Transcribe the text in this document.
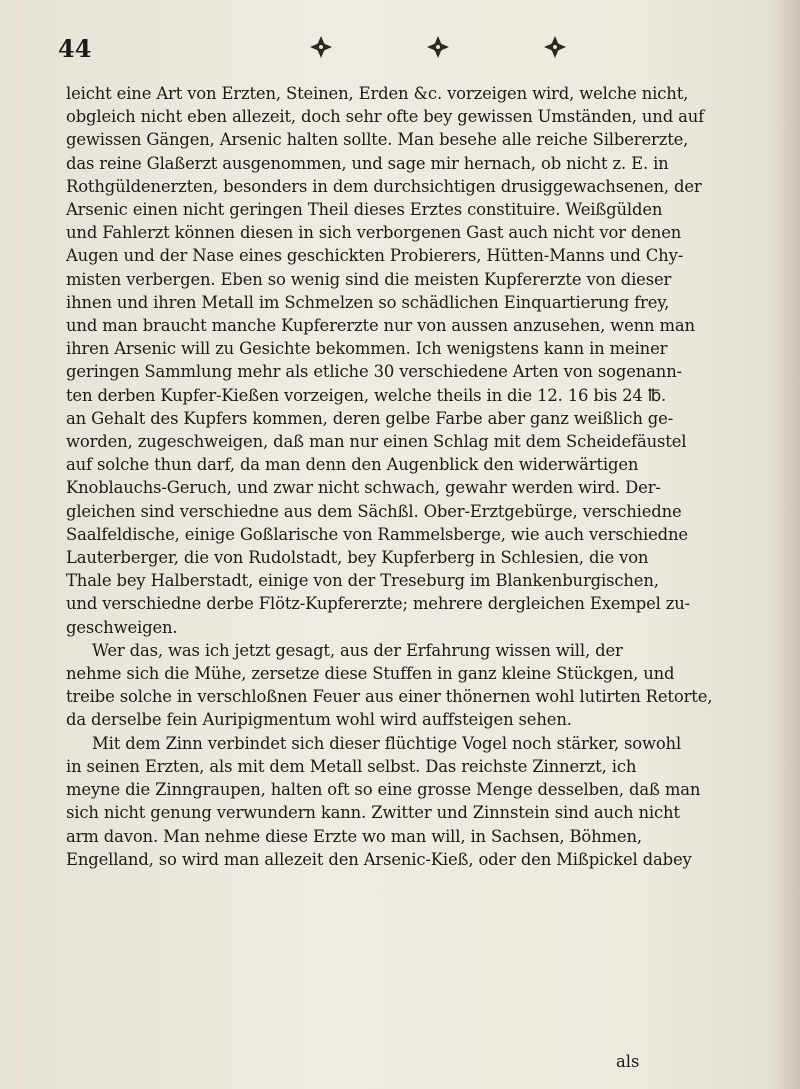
44
leicht eine Art von Erzten, Steinen, Erden &c. vorzeigen wird, welche nicht,
obgleich nicht eben allezeit, doch sehr ofte bey gewissen Umständen, und auf
gewissen Gängen, Arsenic halten sollte. Man besehe alle reiche Silbererzte,
das reine Glaßerzt ausgenommen, und sage mir hernach, ob nicht z. E. in
Rothgüldenerzten, besonders in dem durchsichtigen drusiggewachsenen, der
Arsenic einen nicht geringen Theil dieses Erztes constituire. Weißgülden
und Fahlerzt können diesen in sich verborgenen Gast auch nicht vor denen
Augen und der Nase eines geschickten Probierers, Hütten-Manns und Chy-
misten verbergen. Eben so wenig sind die meisten Kupfererzte von dieser
ihnen und ihren Metall im Schmelzen so schädlichen Einquartierung frey,
und man braucht manche Kupfererzte nur von aussen anzusehen, wenn man
ihren Arsenic will zu Gesichte bekommen. Ich wenigstens kann in meiner
geringen Sammlung mehr als etliche 30 verschiedene Arten von sogenann-
ten derben Kupfer-Kießen vorzeigen, welche theils in die 12. 16 bis 24 ℔.
an Gehalt des Kupfers kommen, deren gelbe Farbe aber ganz weißlich ge-
worden, zugeschweigen, daß man nur einen Schlag mit dem Scheidefäustel
auf solche thun darf, da man denn den Augenblick den widerwärtigen
Knoblauchs-Geruch, und zwar nicht schwach, gewahr werden wird. Der-
gleichen sind verschiedne aus dem Sächßl. Ober-Erztgebürge, verschiedne
Saalfeldische, einige Goßlarische von Rammelsberge, wie auch verschiedne
Lauterberger, die von Rudolstadt, bey Kupferberg in Schlesien, die von
Thale bey Halberstadt, einige von der Treseburg im Blankenburgischen,
und verschiedne derbe Flötz-Kupfererzte; mehrere dergleichen Exempel zu-
geschweigen.
Wer das, was ich jetzt gesagt, aus der Erfahrung wissen will, der
nehme sich die Mühe, zersetze diese Stuffen in ganz kleine Stückgen, und
treibe solche in verschloßnen Feuer aus einer thönernen wohl lutirten Retorte,
da derselbe fein Auripigmentum wohl wird auffsteigen sehen.
Mit dem Zinn verbindet sich dieser flüchtige Vogel noch stärker, sowohl
in seinen Erzten, als mit dem Metall selbst. Das reichste Zinnerzt, ich
meyne die Zinngraupen, halten oft so eine grosse Menge desselben, daß man
sich nicht genung verwundern kann. Zwitter und Zinnstein sind auch nicht
arm davon. Man nehme diese Erzte wo man will, in Sachsen, Böhmen,
Engelland, so wird man allezeit den Arsenic-Kieß, oder den Mißpickel dabey
als
